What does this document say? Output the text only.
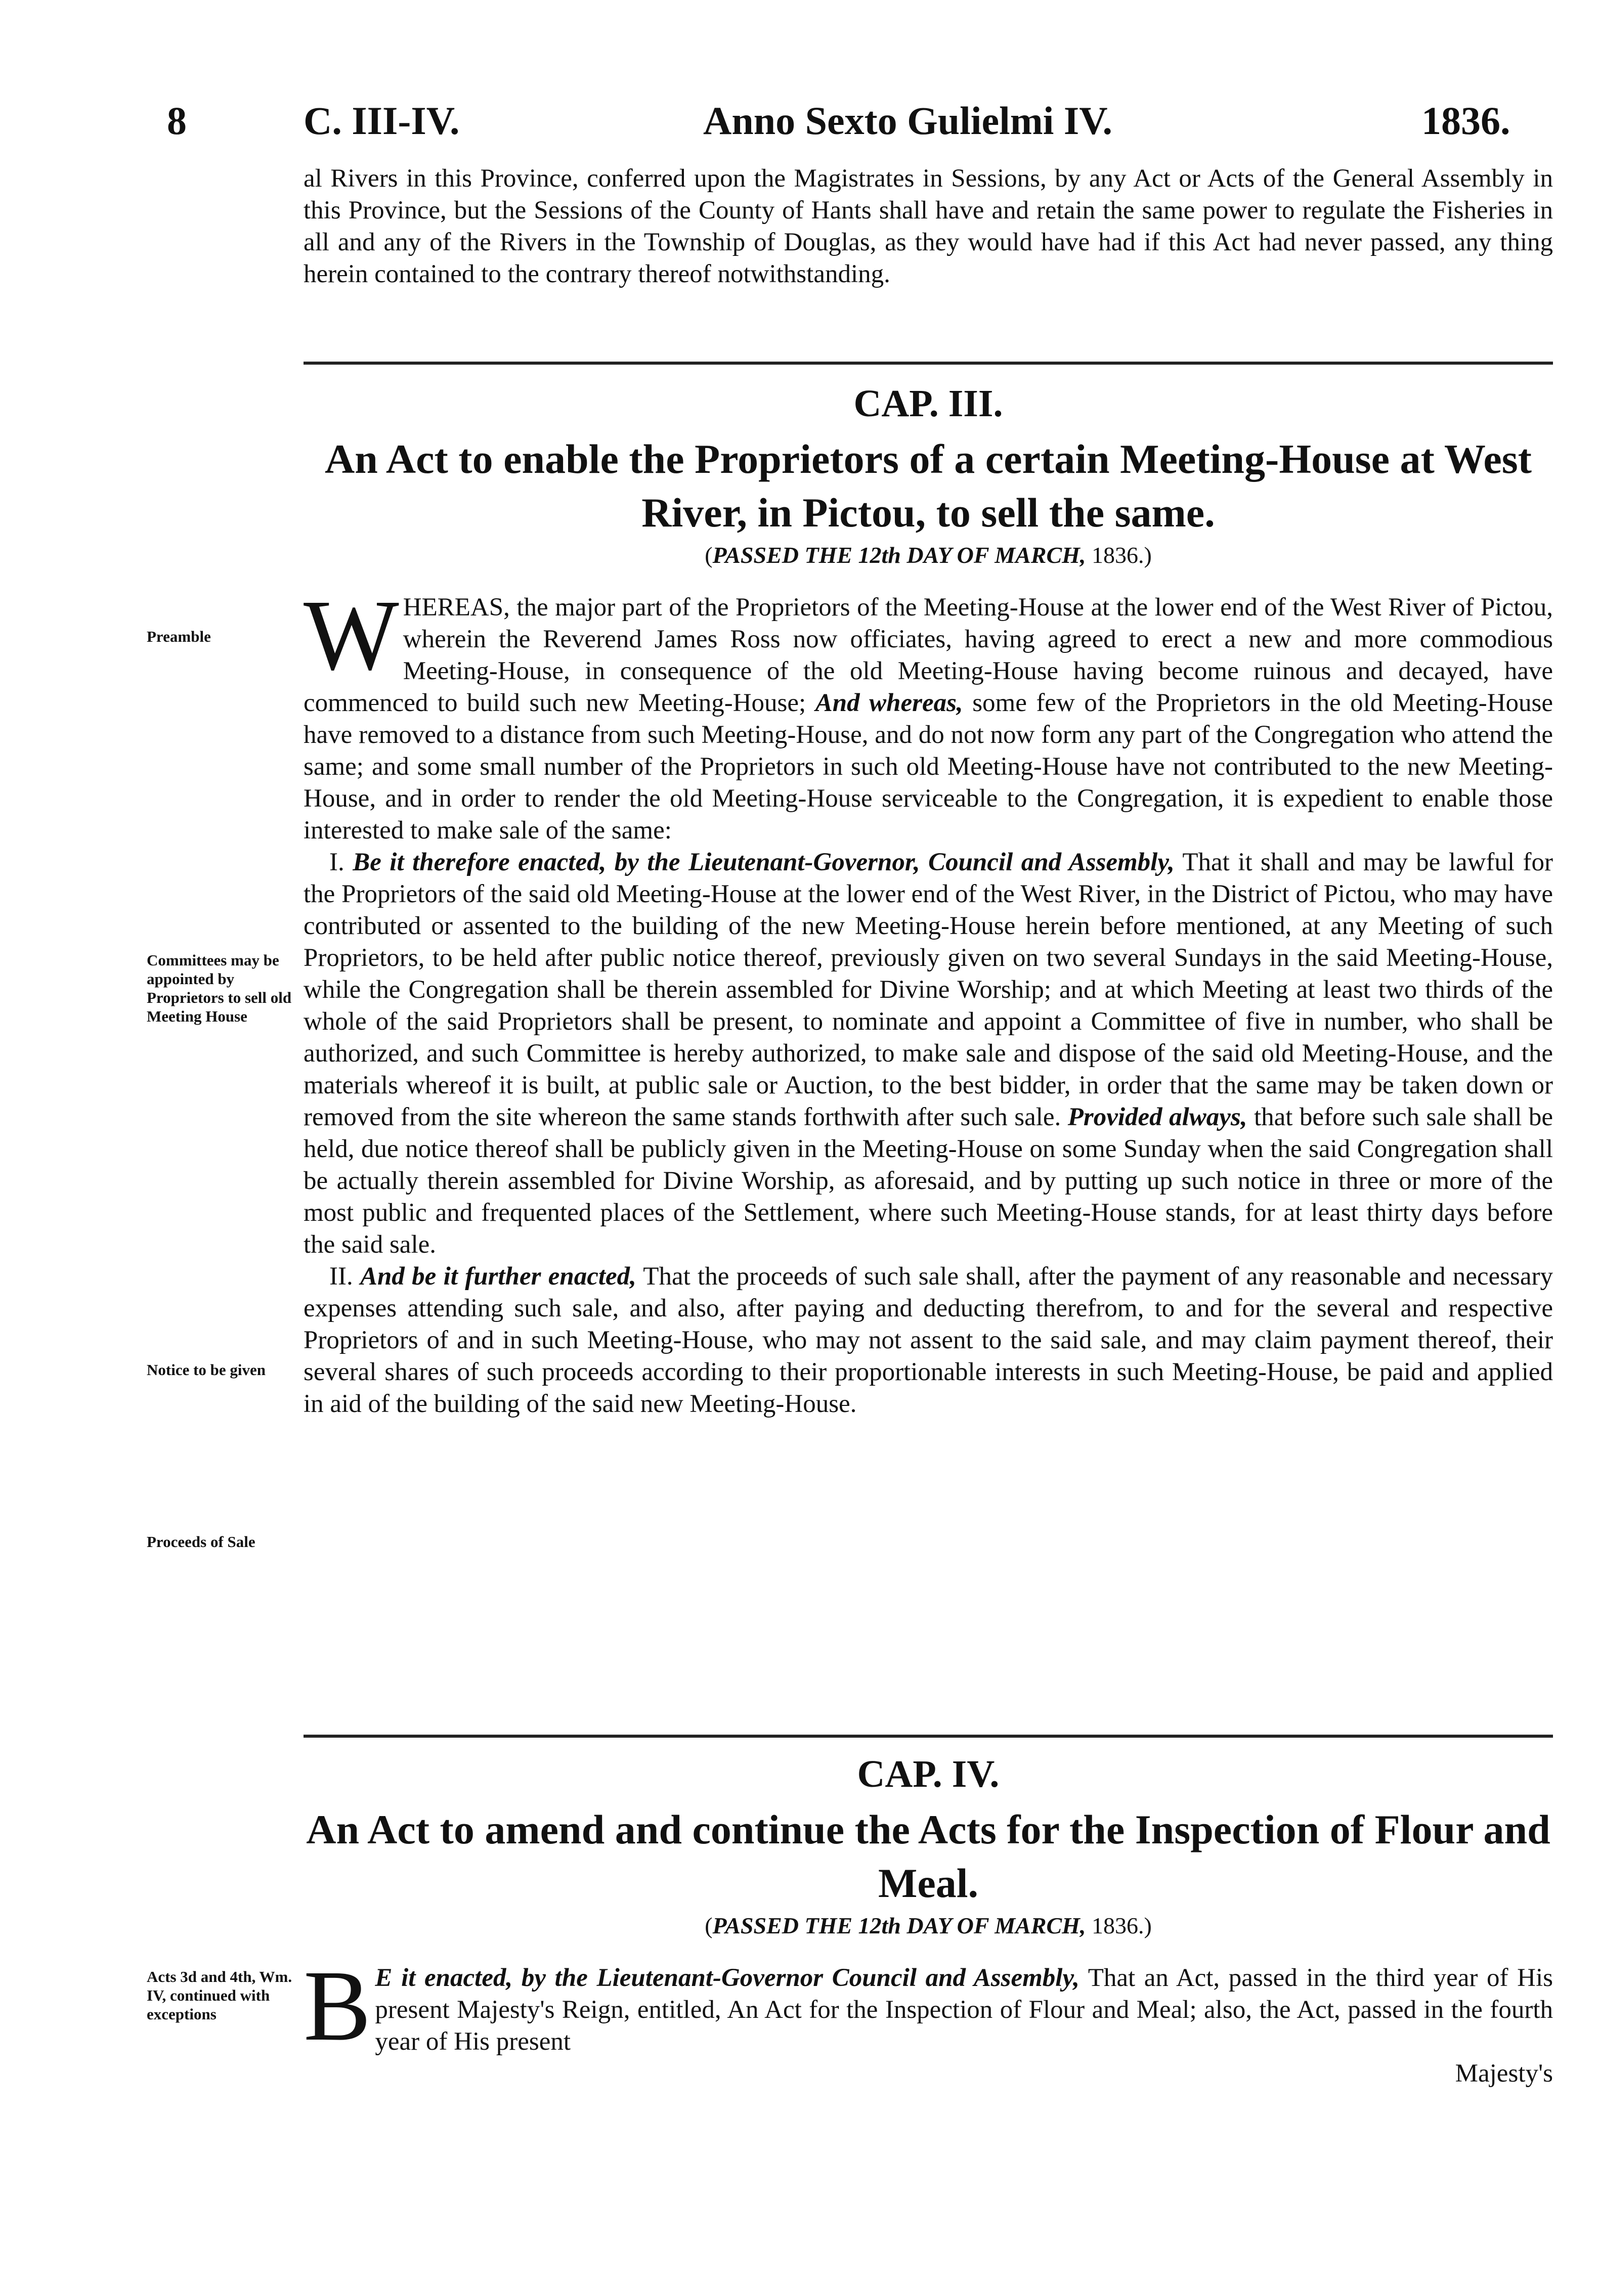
8	C. III-IV.	Anno Sexto Gulielmi IV.	1836.

al Rivers in this Province, conferred upon the Magistrates in Sessions, by any Act or Acts of the General Assembly in this Province, but the Sessions of the County of Hants shall have and retain the same power to regulate the Fisheries in all and any of the Rivers in the Township of Douglas, as they would have had if this Act had never passed, any thing herein contained to the contrary thereof notwithstanding.

CAP. III.

An Act to enable the Proprietors of a certain Meeting-House at West River, in Pictou, to sell the same.

(PASSED THE 12th DAY OF MARCH, 1836.)

W HEREAS, the major part of the Proprietors of the Meeting-House at the lower end of the West River of Pictou, wherein the Reverend James Ross now officiates, having agreed to erect a new and more commodious Meeting-House, in consequence of the old Meeting-House having become ruinous and decayed, have commenced to build such new Meeting-House; And whereas, some few of the Proprietors in the old Meeting-House have removed to a distance from such Meeting-House, and do not now form any part of the Congregation who attend the same; and some small number of the Proprietors in such old Meeting-House have not contributed to the new Meeting-House, and in order to render the old Meeting-House serviceable to the Congregation, it is expedient to enable those interested to make sale of the same:
 I. Be it therefore enacted, by the Lieutenant-Governor, Council and Assembly, That it shall and may be lawful for the Proprietors of the said old Meeting-House at the lower end of the West River, in the District of Pictou, who may have contributed or assented to the building of the new Meeting-House herein before mentioned, at any Meeting of such Proprietors, to be held after public notice thereof, previously given on two several Sundays in the said Meeting-House, while the Congregation shall be therein assembled for Divine Worship; and at which Meeting at least two thirds of the whole of the said Proprietors shall be present, to nominate and appoint a Committee of five in number, who shall be authorized, and such Committee is hereby authorized, to make sale and dispose of the said old Meeting-House, and the materials whereof it is built, at public sale or Auction, to the best bidder, in order that the same may be taken down or removed from the site whereon the same stands forthwith after such sale. Provided always, that before such sale shall be held, due notice thereof shall be publicly given in the Meeting-House on some Sunday when the said Congregation shall be actually therein assembled for Divine Worship, as aforesaid, and by putting up such notice in three or more of the most public and frequented places of the Settlement, where such Meeting-House stands, for at least thirty days before the said sale.
 II. And be it further enacted, That the proceeds of such sale shall, after the payment of any reasonable and necessary expenses attending such sale, and also, after paying and deducting therefrom, to and for the several and respective Proprietors of and in such Meeting-House, who may not assent to the said sale, and may claim payment thereof, their several shares of such proceeds according to their proportionable interests in such Meeting-House, be paid and applied in aid of the building of the said new Meeting-House.

CAP. IV.

An Act to amend and continue the Acts for the Inspection of Flour and Meal.

(PASSED THE 12th DAY OF MARCH, 1836.)

B E it enacted, by the Lieutenant-Governor Council and Assembly, That an Act, passed in the third year of His present Majesty's Reign, entitled, An Act for the Inspection of Flour and Meal; also, the Act, passed in the fourth year of His present
Majesty's
Preamble
Committees may be appointed by Proprietors to sell old Meeting House
Notice to be given
Proceeds of Sale
Acts 3d and 4th, Wm. IV, continued with exceptions
